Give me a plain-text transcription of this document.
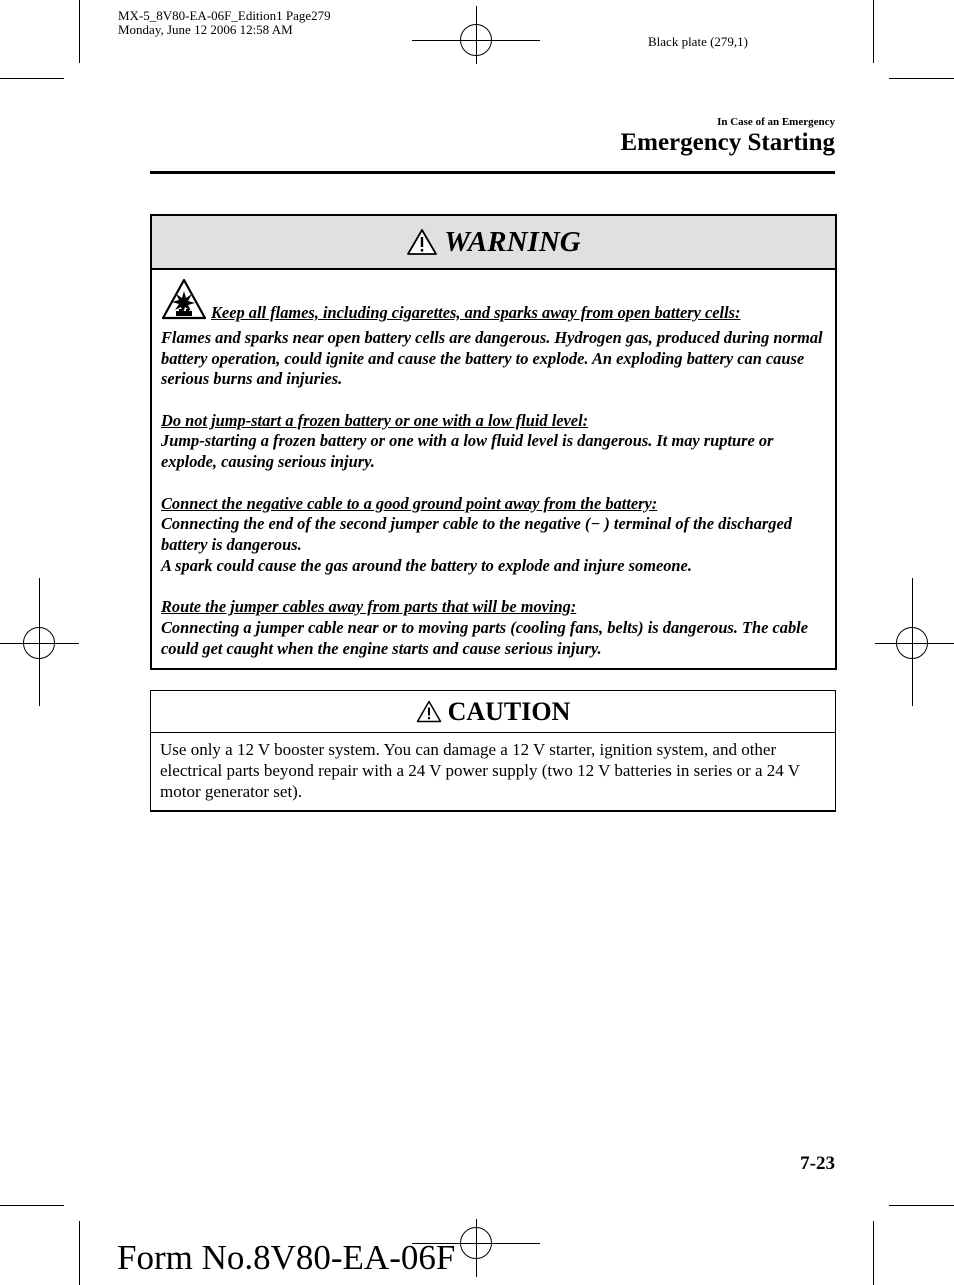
MX-5_8V80-EA-06F_Edition1 Page279
Monday, June 12 2006 12:58 AM
Black plate (279,1)
In Case of an Emergency
Emergency Starting
WARNING

Keep all flames, including cigarettes, and sparks away from open battery cells:

Flames and sparks near open battery cells are dangerous. Hydrogen gas, produced during normal battery operation, could ignite and cause the battery to explode. An exploding battery can cause serious burns and injuries.

Do not jump-start a frozen battery or one with a low fluid level:

Jump-starting a frozen battery or one with a low fluid level is dangerous. It may rupture or explode, causing serious injury.

Connect the negative cable to a good ground point away from the battery:

Connecting the end of the second jumper cable to the negative (− ) terminal of the discharged battery is dangerous.

A spark could cause the gas around the battery to explode and injure someone.

Route the jumper cables away from parts that will be moving:

Connecting a jumper cable near or to moving parts (cooling fans, belts) is dangerous. The cable could get caught when the engine starts and cause serious injury.

CAUTION
Use only a 12 V booster system. You can damage a 12 V starter, ignition system, and other electrical parts beyond repair with a 24 V power supply (two 12 V batteries in series or a 24 V motor generator set).
7-23
Form No.8V80-EA-06F
